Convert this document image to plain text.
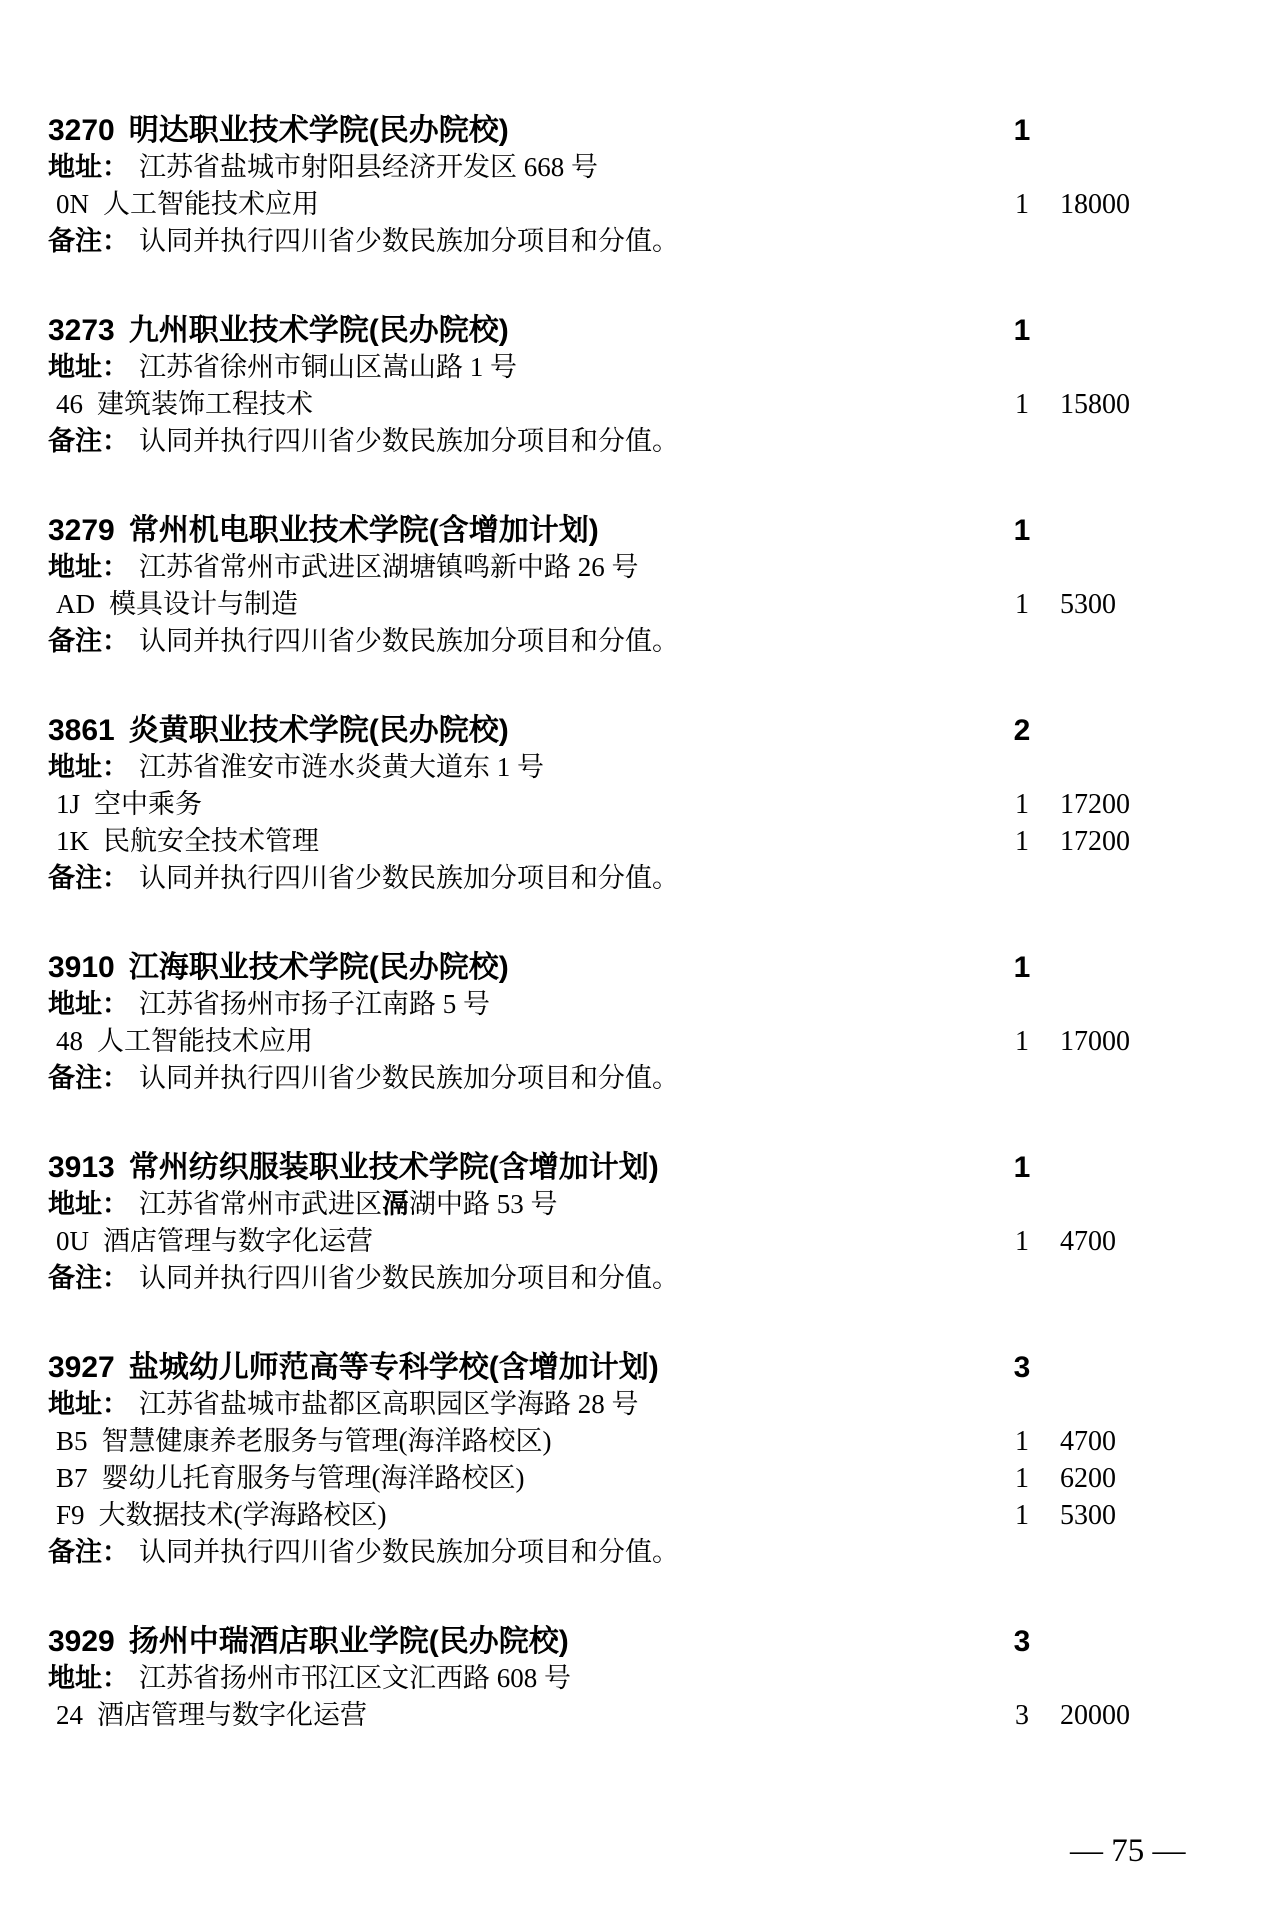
3270 明达职业技术学院(民办院校)	1
地址： 江苏省盐城市射阳县经济开发区 668 号
0N 人工智能技术应用	1	18000
备注： 认同并执行四川省少数民族加分项目和分值。
3273 九州职业技术学院(民办院校)	1
地址： 江苏省徐州市铜山区嵩山路 1 号
46 建筑装饰工程技术	1	15800
备注： 认同并执行四川省少数民族加分项目和分值。
3279 常州机电职业技术学院(含增加计划)	1
地址： 江苏省常州市武进区湖塘镇鸣新中路 26 号
AD 模具设计与制造	1	5300
备注： 认同并执行四川省少数民族加分项目和分值。
3861 炎黄职业技术学院(民办院校)	2
地址： 江苏省淮安市涟水炎黄大道东 1 号
1J 空中乘务	1	17200
1K 民航安全技术管理	1	17200
备注： 认同并执行四川省少数民族加分项目和分值。
3910 江海职业技术学院(民办院校)	1
地址： 江苏省扬州市扬子江南路 5 号
48 人工智能技术应用	1	17000
备注： 认同并执行四川省少数民族加分项目和分值。
3913 常州纺织服装职业技术学院(含增加计划)	1
地址： 江苏省常州市武进区滆湖中路 53 号
0U 酒店管理与数字化运营	1	4700
备注： 认同并执行四川省少数民族加分项目和分值。
3927 盐城幼儿师范高等专科学校(含增加计划)	3
地址： 江苏省盐城市盐都区高职园区学海路 28 号
B5 智慧健康养老服务与管理(海洋路校区)	1	4700
B7 婴幼儿托育服务与管理(海洋路校区)	1	6200
F9 大数据技术(学海路校区)	1	5300
备注： 认同并执行四川省少数民族加分项目和分值。
3929 扬州中瑞酒店职业学院(民办院校)	3
地址： 江苏省扬州市邗江区文汇西路 608 号
24 酒店管理与数字化运营	3	20000
— 75 —
